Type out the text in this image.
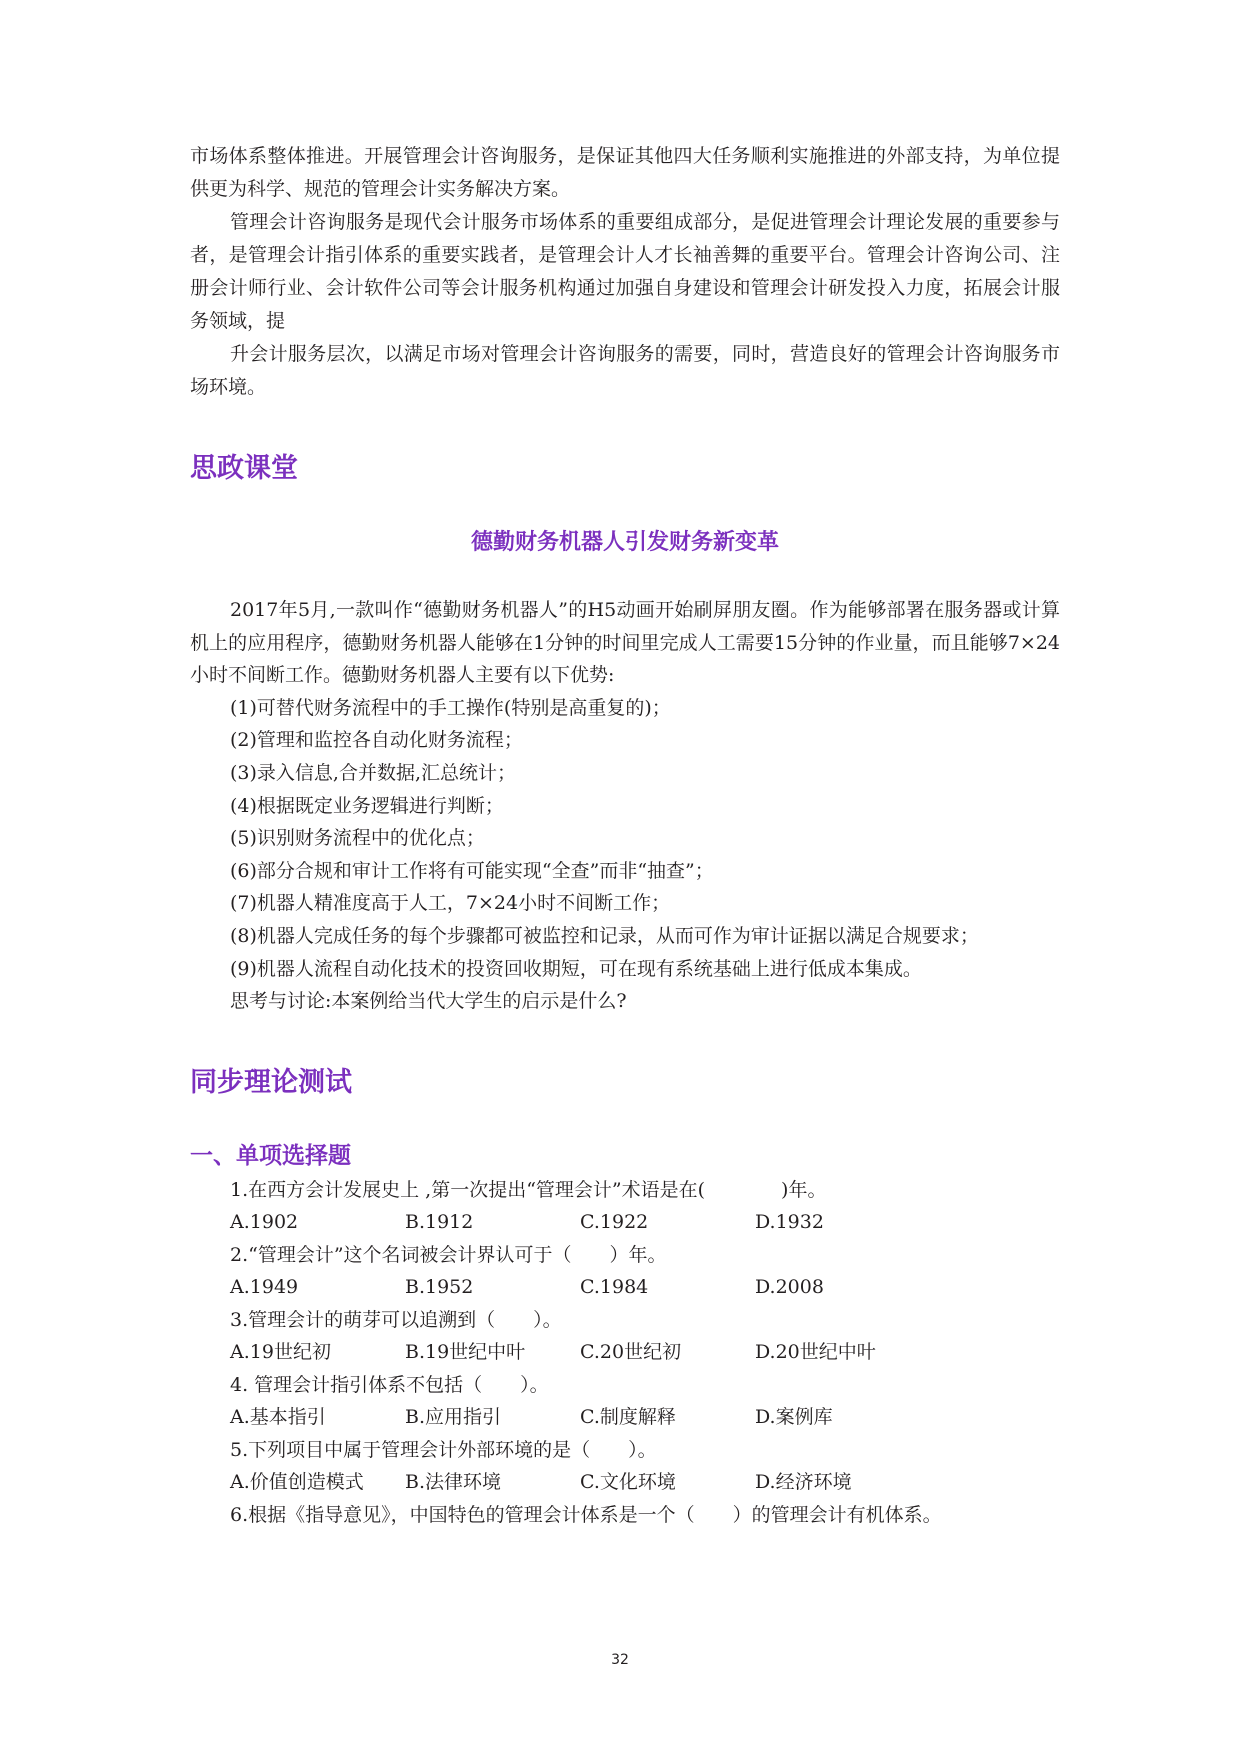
市场体系整体推进。开展管理会计咨询服务，是保证其他四大任务顺利实施推进的外部支持，为单位提供更为科学、规范的管理会计实务解决方案。

管理会计咨询服务是现代会计服务市场体系的重要组成部分，是促进管理会计理论发展的重要参与者，是管理会计指引体系的重要实践者，是管理会计人才长袖善舞的重要平台。管理会计咨询公司、注册会计师行业、会计软件公司等会计服务机构通过加强自身建设和管理会计研发投入力度，拓展会计服务领域，提

升会计服务层次，以满足市场对管理会计咨询服务的需要，同时，营造良好的管理会计咨询服务市场环境。

思政课堂
德勤财务机器人引发财务新变革

2017年5月,一款叫作“德勤财务机器人”的H5动画开始刷屏朋友圈。作为能够部署在服务器或计算机上的应用程序，德勤财务机器人能够在1分钟的时间里完成人工需要15分钟的作业量，而且能够7×24小时不间断工作。德勤财务机器人主要有以下优势:

(1)可替代财务流程中的手工操作(特别是高重复的)；

(2)管理和监控各自动化财务流程；

(3)录入信息,合并数据,汇总统计；

(4)根据既定业务逻辑进行判断；

(5)识别财务流程中的优化点；

(6)部分合规和审计工作将有可能实现“全查”而非“抽查”；

(7)机器人精准度高于人工，7×24小时不间断工作；

(8)机器人完成任务的每个步骤都可被监控和记录，从而可作为审计证据以满足合规要求；

(9)机器人流程自动化技术的投资回收期短，可在现有系统基础上进行低成本集成。

思考与讨论:本案例给当代大学生的启示是什么?

同步理论测试
一、单项选择题

1.在西方会计发展史上 ,第一次提出“管理会计”术语是在(　　　　)年。

A.1902	B.1912	C.1922	D.1932

2.“管理会计”这个名词被会计界认可于（　　）年。

A.1949	B.1952	C.1984	D.2008

3.管理会计的萌芽可以追溯到（　　）。

A.19世纪初	B.19世纪中叶	C.20世纪初	D.20世纪中叶

4. 管理会计指引体系不包括（　　）。

A.基本指引	B.应用指引	C.制度解释	D.案例库

5.下列项目中属于管理会计外部环境的是（　　）。

A.价值创造模式	B.法律环境	C.文化环境	D.经济环境

6.根据《指导意见》，中国特色的管理会计体系是一个（　　）的管理会计有机体系。

32
